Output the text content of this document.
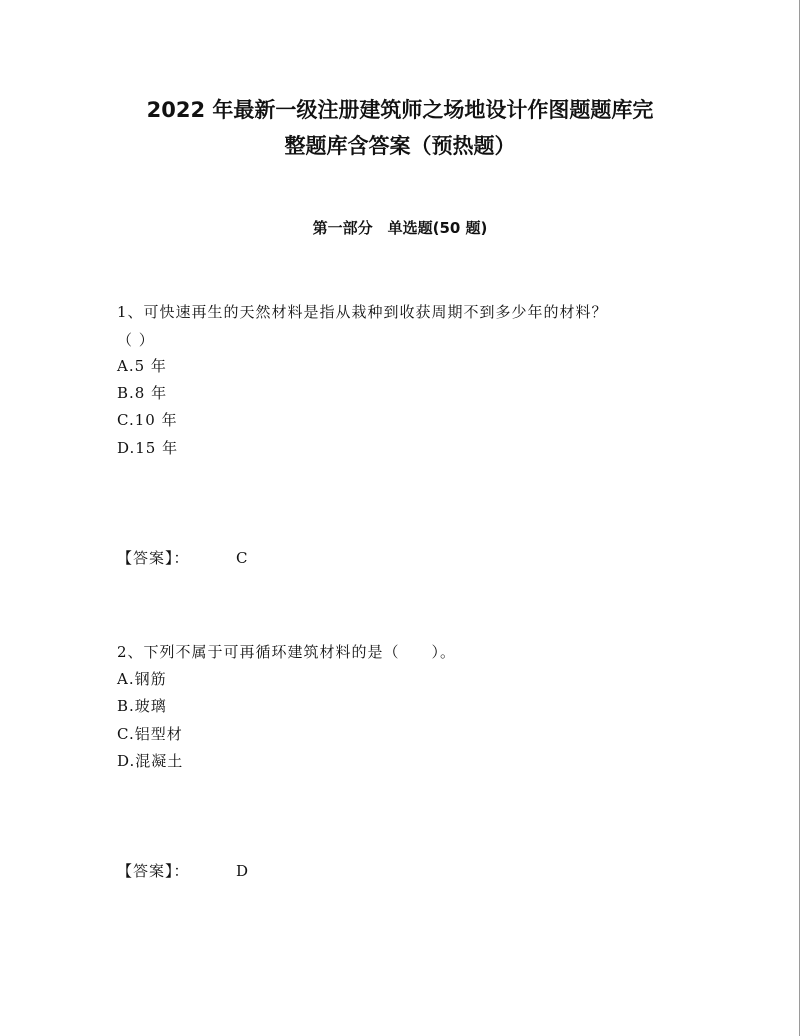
2022 年最新一级注册建筑师之场地设计作图题题库完
整题库含答案（预热题）
第一部分　单选题(50 题)
1、可快速再生的天然材料是指从栽种到收获周期不到多少年的材料？
（ ）
A.5 年
B.8 年
C.10 年
D.15 年
【答案】：	C
2、下列不属于可再循环建筑材料的是（　　）。
A.钢筋
B.玻璃
C.铝型材
D.混凝土
【答案】：	D
